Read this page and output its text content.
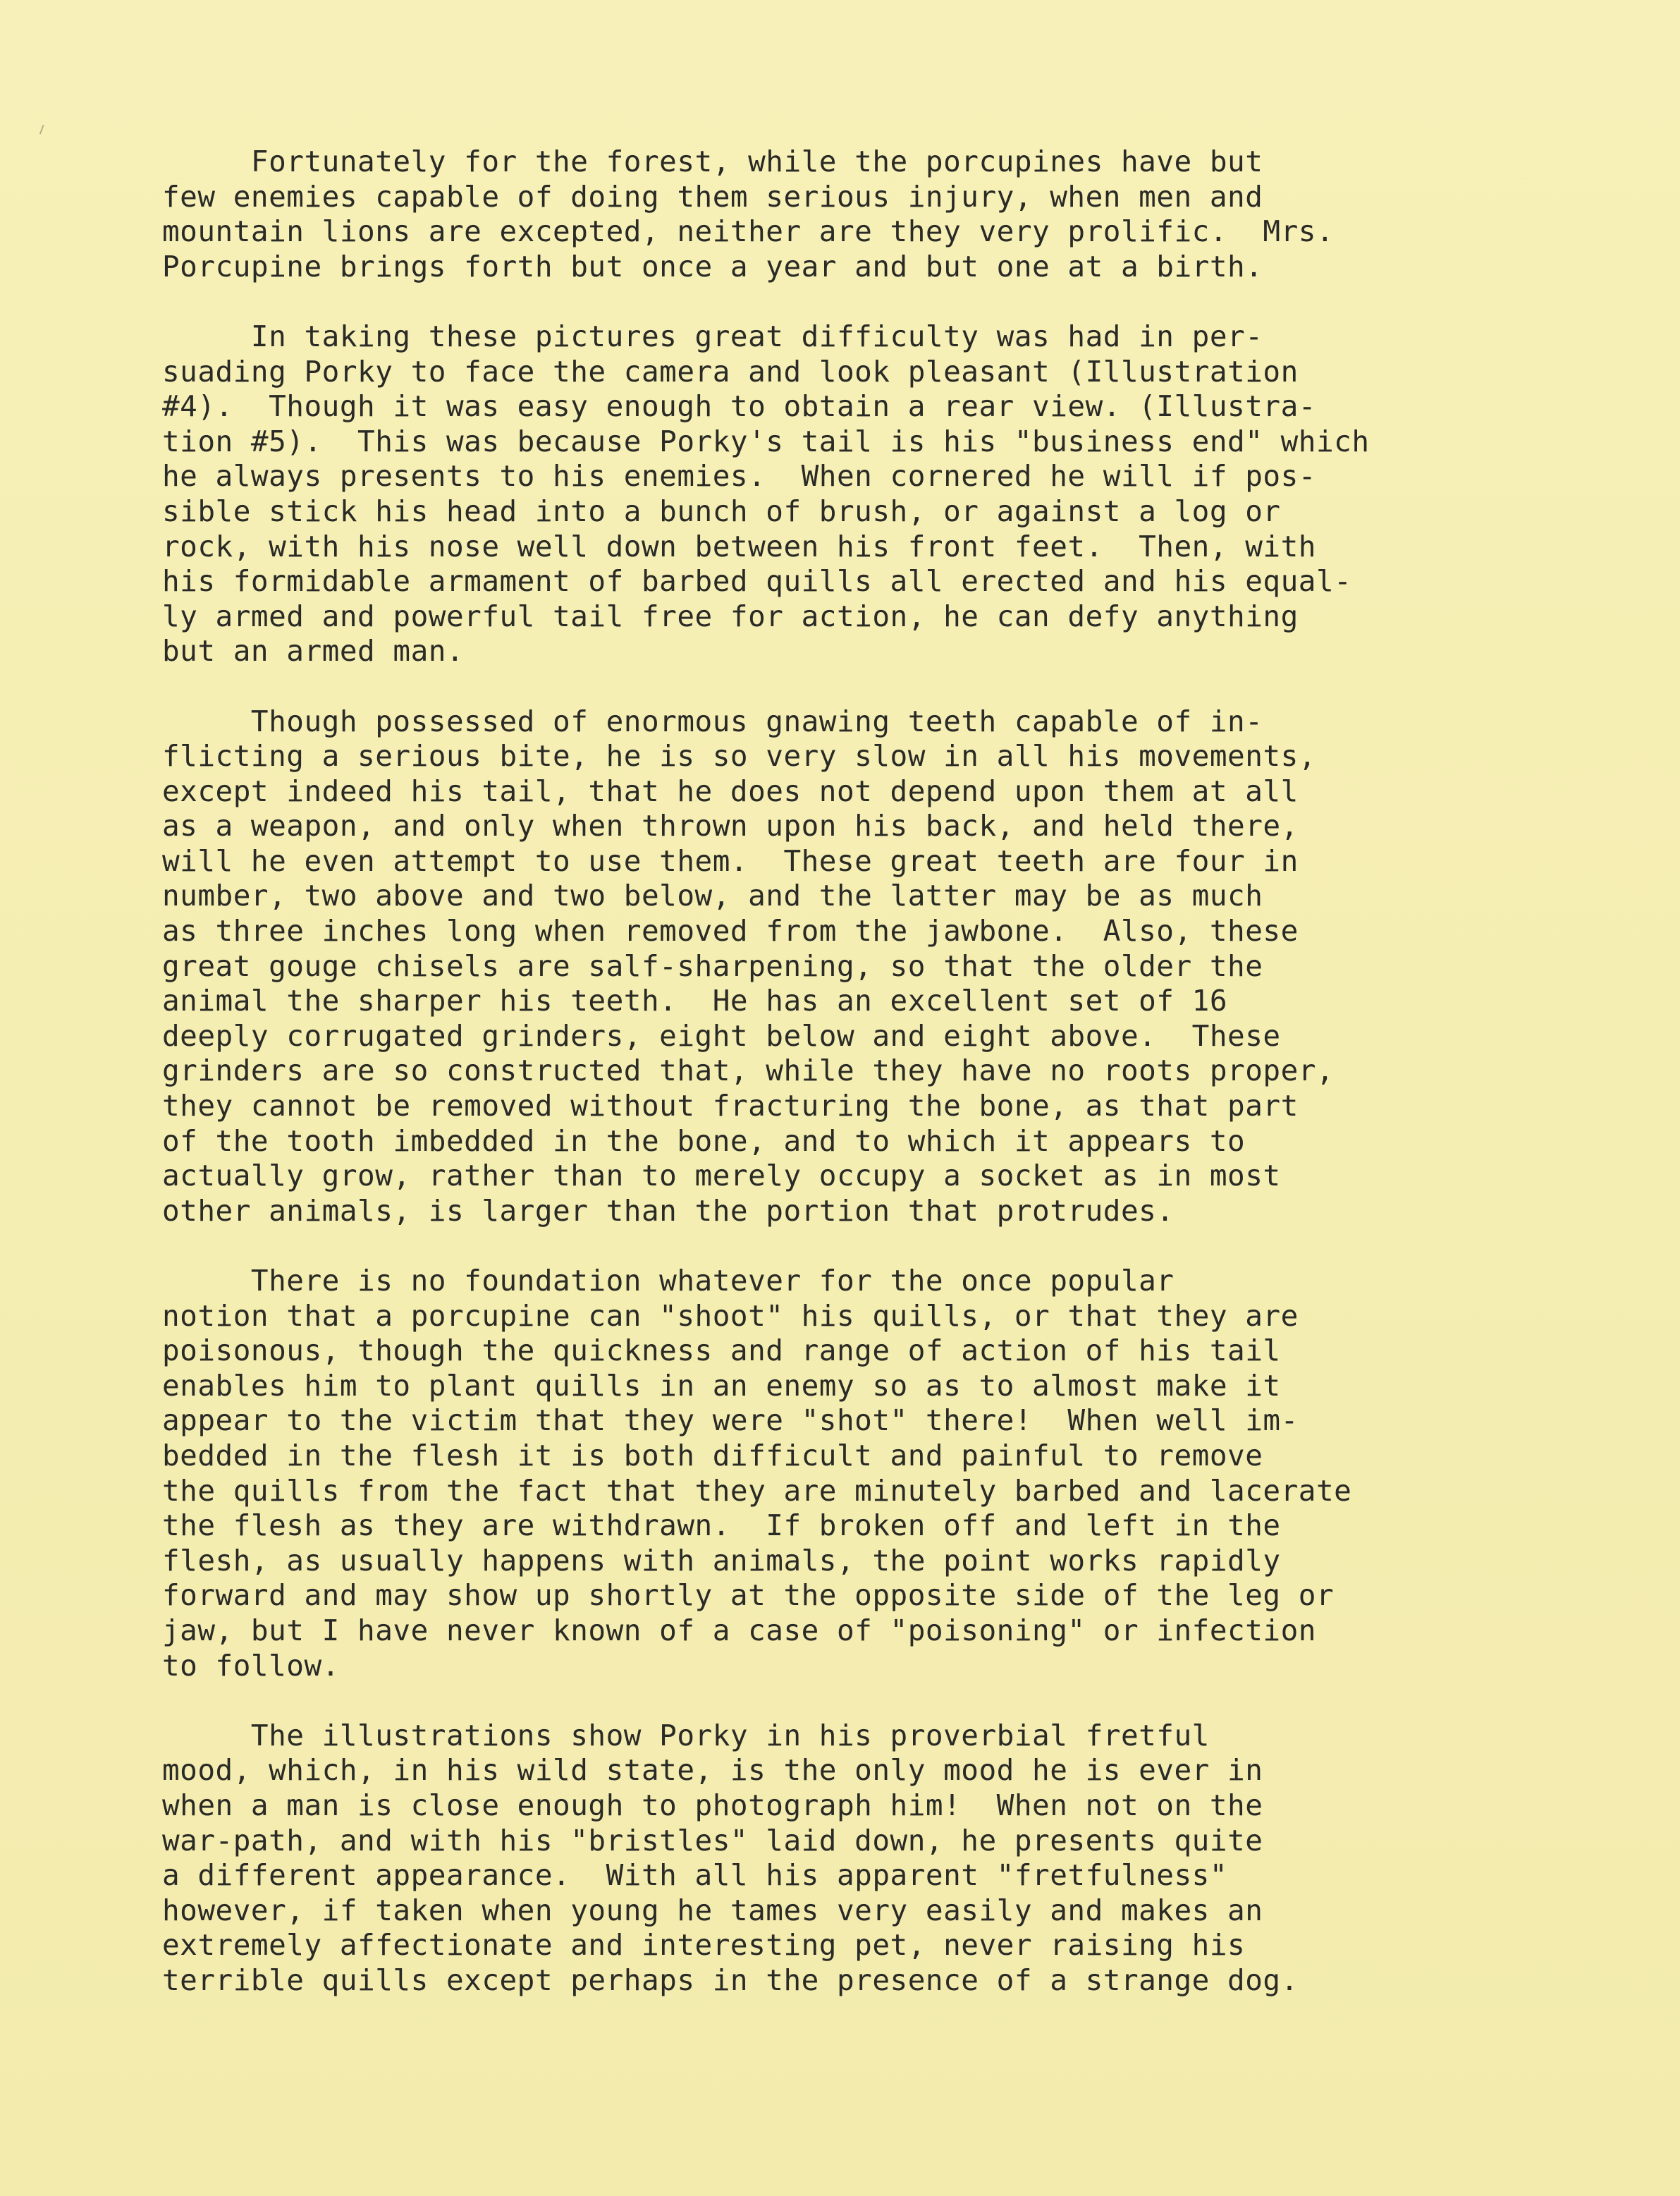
Fortunately for the forest, while the porcupines have but
few enemies capable of doing them serious injury, when men and
mountain lions are excepted, neither are they very prolific.  Mrs.
Porcupine brings forth but once a year and but one at a birth.
In taking these pictures great difficulty was had in per-
suading Porky to face the camera and look pleasant (Illustration
#4).  Though it was easy enough to obtain a rear view. (Illustra-
tion #5).  This was because Porky's tail is his "business end" which
he always presents to his enemies.  When cornered he will if pos-
sible stick his head into a bunch of brush, or against a log or
rock, with his nose well down between his front feet.  Then, with
his formidable armament of barbed quills all erected and his equal-
ly armed and powerful tail free for action, he can defy anything
but an armed man.
Though possessed of enormous gnawing teeth capable of in-
flicting a serious bite, he is so very slow in all his movements,
except indeed his tail, that he does not depend upon them at all
as a weapon, and only when thrown upon his back, and held there,
will he even attempt to use them.  These great teeth are four in
number, two above and two below, and the latter may be as much
as three inches long when removed from the jawbone.  Also, these
great gouge chisels are salf-sharpening, so that the older the
animal the sharper his teeth.  He has an excellent set of 16
deeply corrugated grinders, eight below and eight above.  These
grinders are so constructed that, while they have no roots proper,
they cannot be removed without fracturing the bone, as that part
of the tooth imbedded in the bone, and to which it appears to
actually grow, rather than to merely occupy a socket as in most
other animals, is larger than the portion that protrudes.
There is no foundation whatever for the once popular
notion that a porcupine can "shoot" his quills, or that they are
poisonous, though the quickness and range of action of his tail
enables him to plant quills in an enemy so as to almost make it
appear to the victim that they were "shot" there!  When well im-
bedded in the flesh it is both difficult and painful to remove
the quills from the fact that they are minutely barbed and lacerate
the flesh as they are withdrawn.  If broken off and left in the
flesh, as usually happens with animals, the point works rapidly
forward and may show up shortly at the opposite side of the leg or
jaw, but I have never known of a case of "poisoning" or infection
to follow.
The illustrations show Porky in his proverbial fretful
mood, which, in his wild state, is the only mood he is ever in
when a man is close enough to photograph him!  When not on the
war-path, and with his "bristles" laid down, he presents quite
a different appearance.  With all his apparent "fretfulness"
however, if taken when young he tames very easily and makes an
extremely affectionate and interesting pet, never raising his
terrible quills except perhaps in the presence of a strange dog.
